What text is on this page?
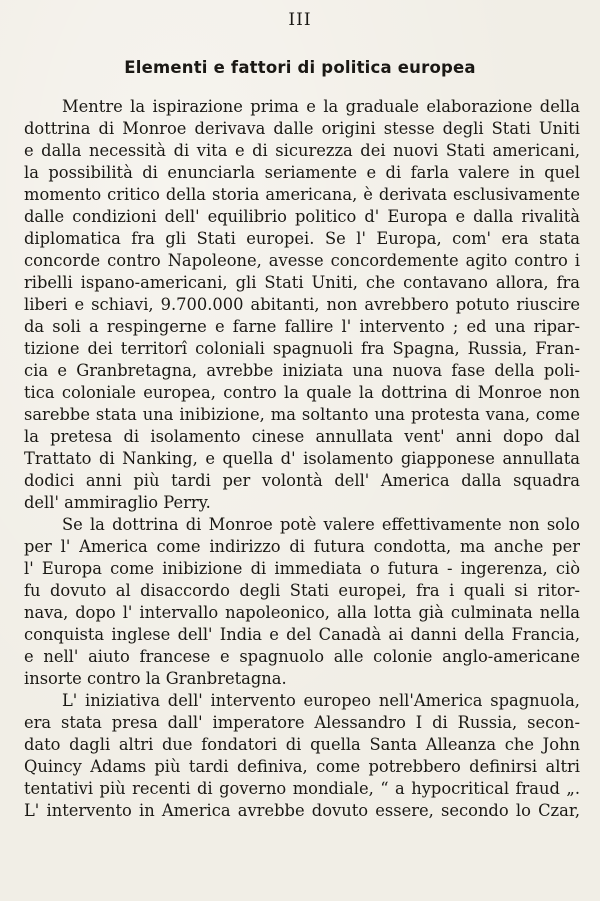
III
Elementi e fattori di politica europea
Mentre la ispirazione prima e la graduale elaborazione della
dottrina di Monroe derivava dalle origini stesse degli Stati Uniti
e dalla necessità di vita e di sicurezza dei nuovi Stati americani,
la possibilità di enunciarla seriamente e di farla valere in quel
momento critico della storia americana, è derivata esclusivamente
dalle condizioni dell' equilibrio politico d' Europa e dalla rivalità
diplomatica fra gli Stati europei. Se l' Europa, com' era stata
concorde contro Napoleone, avesse concordemente agito contro i
ribelli ispano-americani, gli Stati Uniti, che contavano allora, fra
liberi e schiavi, 9.700.000 abitanti, non avrebbero potuto riuscire
da soli a respingerne e farne fallire l' intervento ; ed una ripar-
tizione dei territorî coloniali spagnuoli fra Spagna, Russia, Fran-
cia e Granbretagna, avrebbe iniziata una nuova fase della poli-
tica coloniale europea, contro la quale la dottrina di Monroe non
sarebbe stata una inibizione, ma soltanto una protesta vana, come
la pretesa di isolamento cinese annullata vent' anni dopo dal
Trattato di Nanking, e quella d' isolamento giapponese annullata
dodici anni più tardi per volontà dell' America dalla squadra
dell' ammiraglio Perry.
Se la dottrina di Monroe potè valere effettivamente non solo
per l' America come indirizzo di futura condotta, ma anche per
l' Europa come inibizione di immediata o futura - ingerenza, ciò
fu dovuto al disaccordo degli Stati europei, fra i quali si ritor-
nava, dopo l' intervallo napoleonico, alla lotta già culminata nella
conquista inglese dell' India e del Canadà ai danni della Francia,
e nell' aiuto francese e spagnuolo alle colonie anglo-americane
insorte contro la Granbretagna.
L' iniziativa dell' intervento europeo nell'America spagnuola,
era stata presa dall' imperatore Alessandro I di Russia, secon-
dato dagli altri due fondatori di quella Santa Alleanza che John
Quincy Adams più tardi definiva, come potrebbero definirsi altri
tentativi più recenti di governo mondiale, “ a hypocritical fraud „.
L' intervento in America avrebbe dovuto essere, secondo lo Czar,
